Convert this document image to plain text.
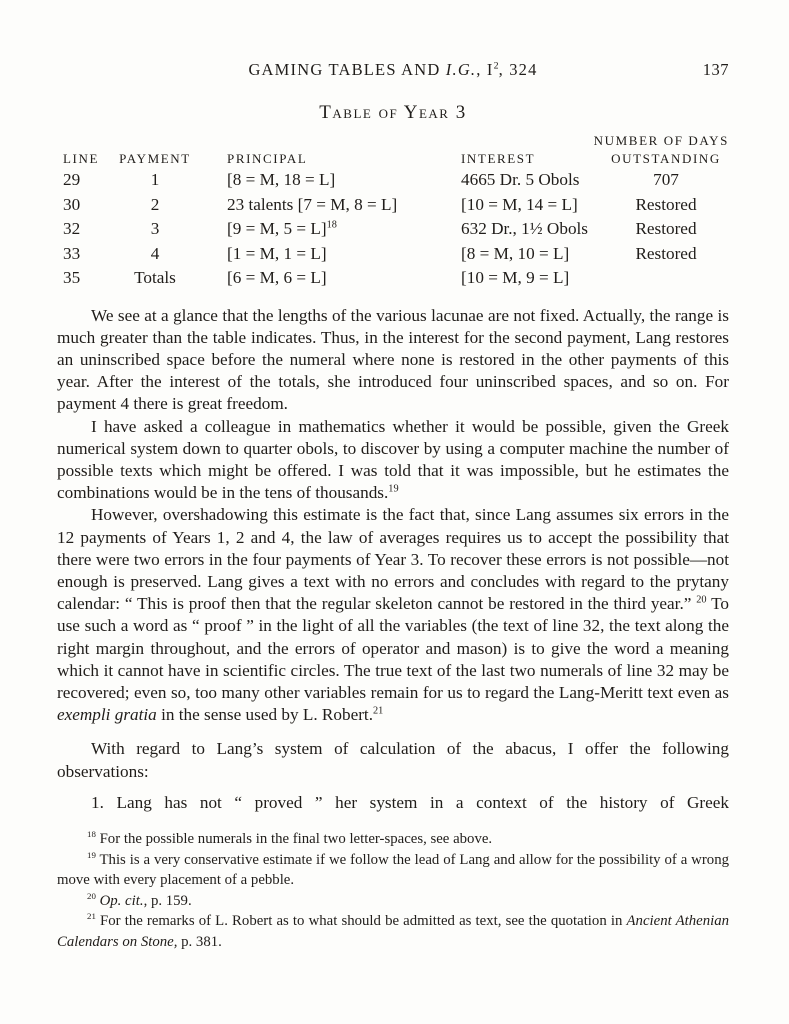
GAMING TABLES AND I.G., $I^2$, 324	137
Table of Year 3
NUMBER OF DAYS
LINE	PAYMENT	PRINCIPAL	INTEREST	OUTSTANDING
29	1	[8 = M, 18 = L]	4665 Dr. 5 Obols	707
30	2	23 talents [7 = M, 8 = L]	[10 = M, 14 = L]	Restored
32	3	[9 = M, 5 = L]$^{18}$	632 Dr., 1½ Obols	Restored
33	4	[1 = M, 1 = L]	[8 = M, 10 = L]	Restored
35	Totals	[6 = M, 6 = L]	[10 = M, 9 = L]

We see at a glance that the lengths of the various lacunae are not fixed. Actually, the range is much greater than the table indicates. Thus, in the interest for the second payment, Lang restores an uninscribed space before the numeral where none is restored in the other payments of this year. After the interest of the totals, she introduced four uninscribed spaces, and so on. For payment 4 there is great freedom.

I have asked a colleague in mathematics whether it would be possible, given the Greek numerical system down to quarter obols, to discover by using a computer machine the number of possible texts which might be offered. I was told that it was impossible, but he estimates the combinations would be in the tens of thousands.$^{19}$

However, overshadowing this estimate is the fact that, since Lang assumes six errors in the 12 payments of Years 1, 2 and 4, the law of averages requires us to accept the possibility that there were two errors in the four payments of Year 3. To recover these errors is not possible—not enough is preserved. Lang gives a text with no errors and concludes with regard to the prytany calendar: “ This is proof then that the regular skeleton cannot be restored in the third year.” $^{20}$ To use such a word as “ proof ” in the light of all the variables (the text of line 32, the text along the right margin throughout, and the errors of operator and mason) is to give the word a meaning which it cannot have in scientific circles. The true text of the last two numerals of line 32 may be recovered; even so, too many other variables remain for us to regard the Lang-Meritt text even as exempli gratia in the sense used by L. Robert.$^{21}$

With regard to Lang’s system of calculation of the abacus, I offer the following observations:

1. Lang has not “ proved ” her system in a context of the history of Greek

$^{18}$ For the possible numerals in the final two letter-spaces, see above.

$^{19}$ This is a very conservative estimate if we follow the lead of Lang and allow for the possibility of a wrong move with every placement of a pebble.

$^{20}$ Op. cit., p. 159.

$^{21}$ For the remarks of L. Robert as to what should be admitted as text, see the quotation in Ancient Athenian Calendars on Stone, p. 381.
